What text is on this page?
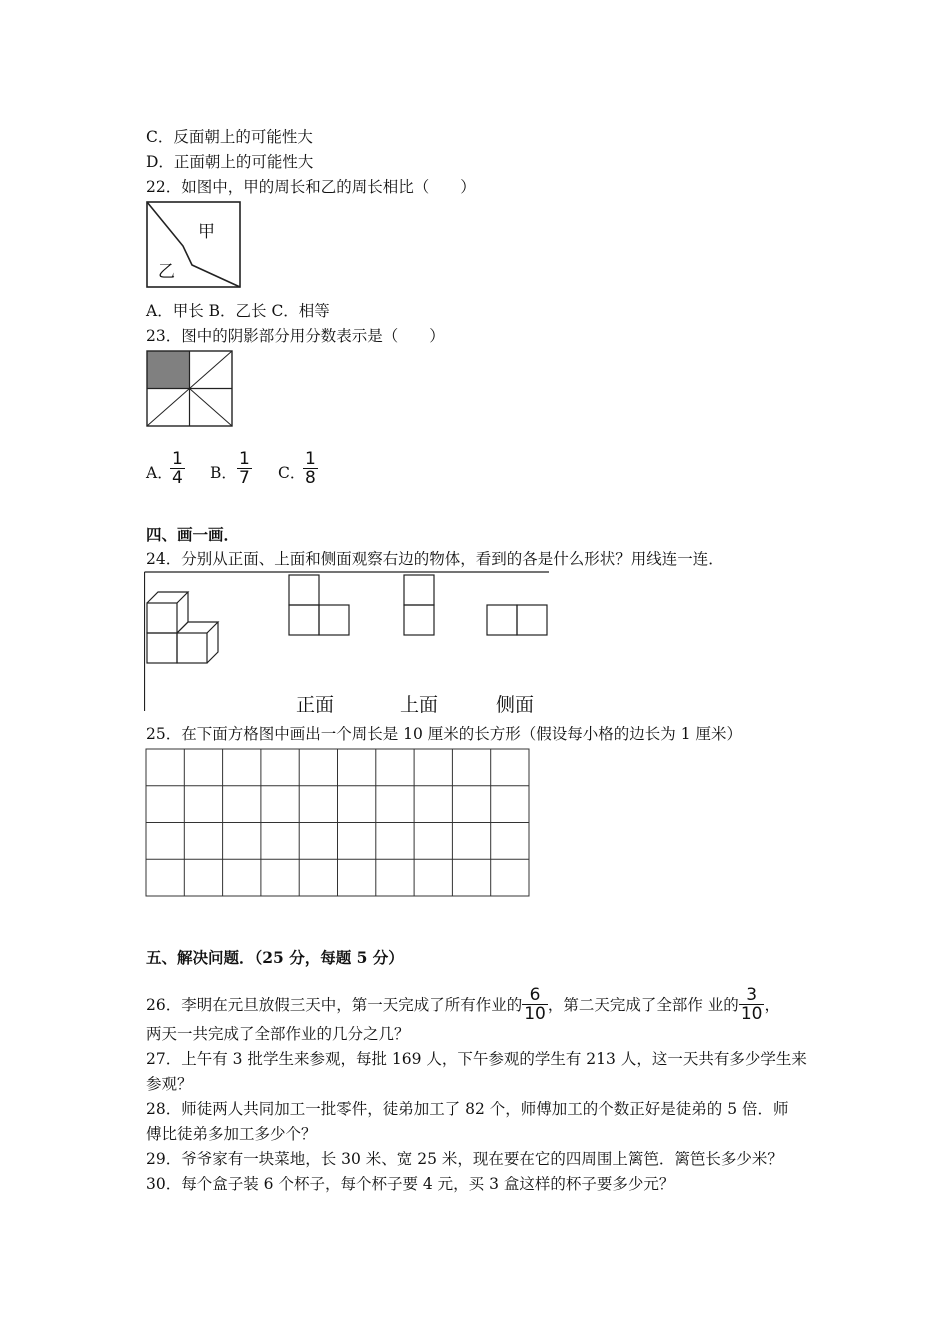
C．反面朝上的可能性大
D．正面朝上的可能性大
22．如图中，甲的周长和乙的周长相比（　　）
甲
乙
A．甲长 B．乙长 C．相等
23．图中的阴影部分用分数表示是（　　）
A．
$\frac{1}{4}$ B． $\frac{1}{7}$ C．
$\frac{1}{8}$
四、画一画．
24．分别从正面、上面和侧面观察右边的物体，看到的各是什么形状？用线连一连．
正面	上面	侧面
25．在下面方格图中画出一个周长是 10 厘米的长方形（假设每小格的边长为 1 厘米）
五、解决问题．（25 分，每题 5 分）
26．李明在元旦放假三天中，第一天完成了所有作业的 $\frac{6}{10}$ ，第二天完成了全部作 业的 $\frac{3}{10}$ ，
两天一共完成了全部作业的几分之几？
27．上午有 3 批学生来参观，每批 169 人，下午参观的学生有 213 人，这一天共有多少学生来
参观？
28．师徒两人共同加工一批零件，徒弟加工了 82 个，师傅加工的个数正好是徒弟的 5 倍．师
傅比徒弟多加工多少个？
29．爷爷家有一块菜地，长 30 米、宽 25 米，现在要在它的四周围上篱笆．篱笆长多少米？
30．每个盒子装 6 个杯子，每个杯子要 4 元，买 3 盒这样的杯子要多少元？
